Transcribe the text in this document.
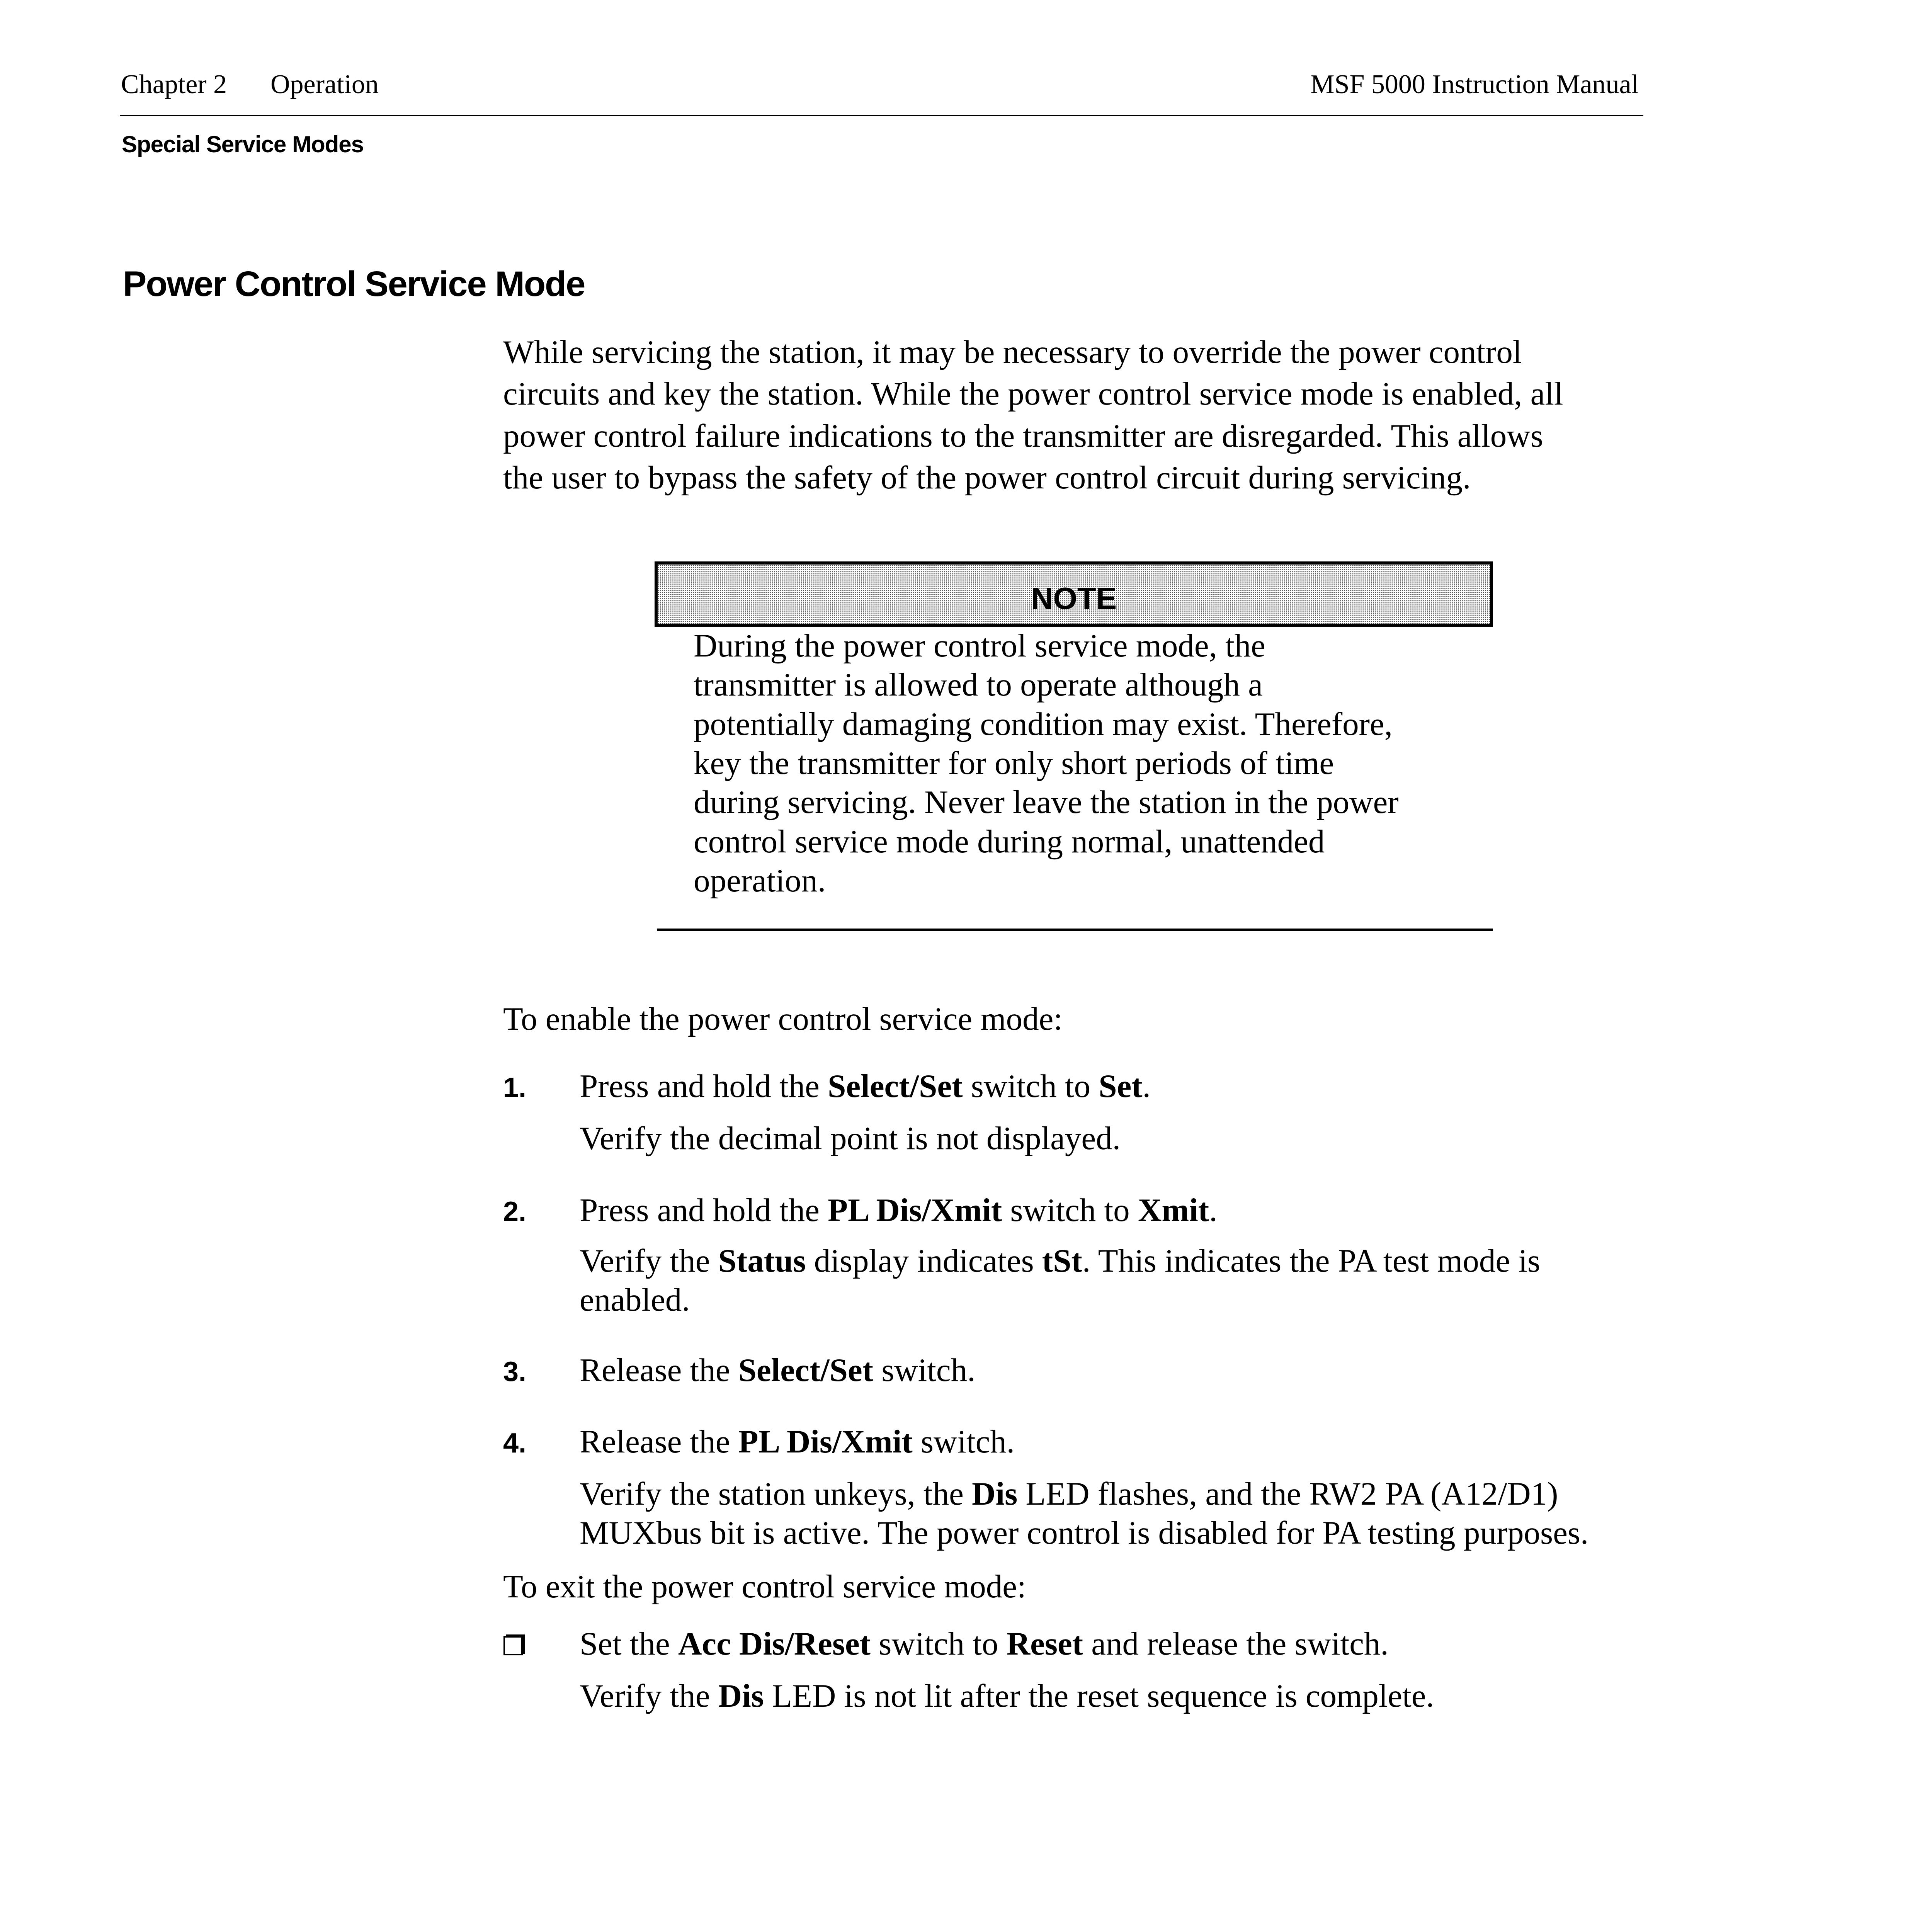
Chapter 2 Operation	MSF 5000 Instruction Manual
Special Service Modes
Power Control Service Mode
While servicing the station, it may be necessary to override the power control
circuits and key the station. While the power control service mode is enabled, all
power control failure indications to the transmitter are disregarded. This allows
the user to bypass the safety of the power control circuit during servicing.
NOTE
During the power control service mode, the
transmitter is allowed to operate although a
potentially damaging condition may exist. Therefore,
key the transmitter for only short periods of time
during servicing. Never leave the station in the power
control service mode during normal, unattended
operation.
To enable the power control service mode:
1. Press and hold the Select/Set switch to Set.
Verify the decimal point is not displayed.
2. Press and hold the PL Dis/Xmit switch to Xmit.
Verify the Status display indicates tSt. This indicates the PA test mode is
enabled.
3. Release the Select/Set switch.
4. Release the PL Dis/Xmit switch.
Verify the station unkeys, the Dis LED flashes, and the RW2 PA (A12/D1)
MUXbus bit is active. The power control is disabled for PA testing purposes.
To exit the power control service mode:
Set the Acc Dis/Reset switch to Reset and release the switch.
Verify the Dis LED is not lit after the reset sequence is complete.
